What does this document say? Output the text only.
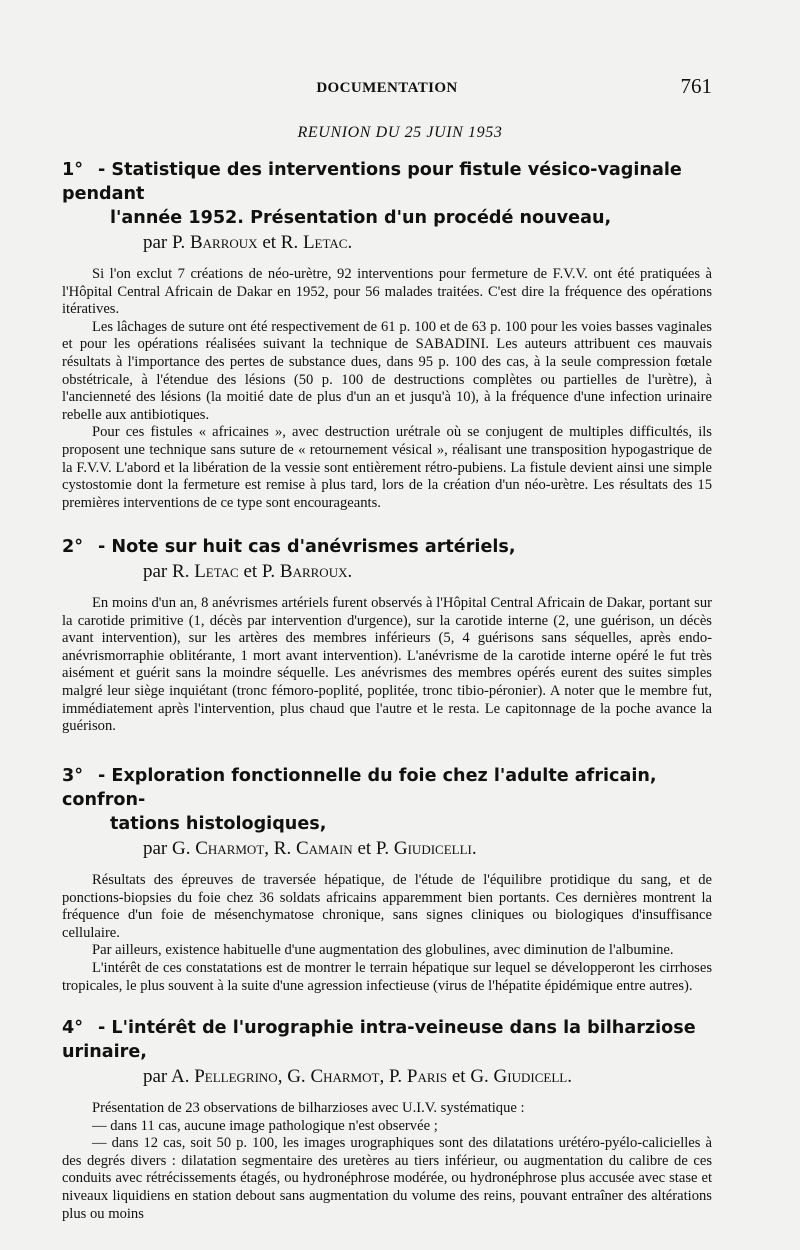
DOCUMENTATION	761
REUNION DU 25 JUIN 1953
1° - Statistique des interventions pour fistule vésico-vaginale pendant
l'année 1952. Présentation d'un procédé nouveau,
par P. Barroux et R. Letac.

Si l'on exclut 7 créations de néo-urètre, 92 interventions pour fermeture de F.V.V. ont été pratiquées à l'Hôpital Central Africain de Dakar en 1952, pour 56 malades traitées. C'est dire la fréquence des opérations itératives.

Les lâchages de suture ont été respectivement de 61 p. 100 et de 63 p. 100 pour les voies basses vaginales et pour les opérations réalisées suivant la technique de SABADINI. Les auteurs attribuent ces mauvais résultats à l'importance des pertes de substance dues, dans 95 p. 100 des cas, à la seule compression fœtale obstétricale, à l'étendue des lésions (50 p. 100 de destructions complètes ou partielles de l'urètre), à l'ancienneté des lésions (la moitié date de plus d'un an et jusqu'à 10), à la fréquence d'une infection urinaire rebelle aux antibiotiques.

Pour ces fistules « africaines », avec destruction urétrale où se conjugent de multiples difficultés, ils proposent une technique sans suture de « retournement vésical », réalisant une transposition hypogastrique de la F.V.V. L'abord et la libération de la vessie sont entièrement rétro-pubiens. La fistule devient ainsi une simple cystostomie dont la fermeture est remise à plus tard, lors de la création d'un néo-urètre. Les résultats des 15 premières interventions de ce type sont encourageants.

2° - Note sur huit cas d'anévrismes artériels,
par R. Letac et P. Barroux.

En moins d'un an, 8 anévrismes artériels furent observés à l'Hôpital Central Africain de Dakar, portant sur la carotide primitive (1, décès par intervention d'urgence), sur la carotide interne (2, une guérison, un décès avant intervention), sur les artères des membres inférieurs (5, 4 guérisons sans séquelles, après endo-anévrismorraphie oblitérante, 1 mort avant intervention). L'anévrisme de la carotide interne opéré le fut très aisément et guérit sans la moindre séquelle. Les anévrismes des membres opérés eurent des suites simples malgré leur siège inquiétant (tronc fémoro-poplité, poplitée, tronc tibio-péronier). A noter que le membre fut, immédiatement après l'intervention, plus chaud que l'autre et le resta. Le capitonnage de la poche avance la guérison.

3° - Exploration fonctionnelle du foie chez l'adulte africain, confron-
tations histologiques,
par G. Charmot, R. Camain et P. Giudicelli.

Résultats des épreuves de traversée hépatique, de l'étude de l'équilibre protidique du sang, et de ponctions-biopsies du foie chez 36 soldats africains apparemment bien portants. Ces dernières montrent la fréquence d'un foie de mésenchymatose chronique, sans signes cliniques ou biologiques d'insuffisance cellulaire.

Par ailleurs, existence habituelle d'une augmentation des globulines, avec diminution de l'albumine.

L'intérêt de ces constatations est de montrer le terrain hépatique sur lequel se développeront les cirrhoses tropicales, le plus souvent à la suite d'une agression infectieuse (virus de l'hépatite épidémique entre autres).

4° - L'intérêt de l'urographie intra-veineuse dans la bilharziose urinaire,
par A. Pellegrino, G. Charmot, P. Paris et G. Giudicell.

Présentation de 23 observations de bilharzioses avec U.I.V. systématique :

— dans 11 cas, aucune image pathologique n'est observée ;

— dans 12 cas, soit 50 p. 100, les images urographiques sont des dilatations urétéro-pyélo-calicielles à des degrés divers : dilatation segmentaire des uretères au tiers inférieur, ou augmentation du calibre de ces conduits avec rétrécissements étagés, ou hydronéphrose modérée, ou hydronéphrose plus accusée avec stase et niveaux liquidiens en station debout sans augmentation du volume des reins, pouvant entraîner des altérations plus ou moins
